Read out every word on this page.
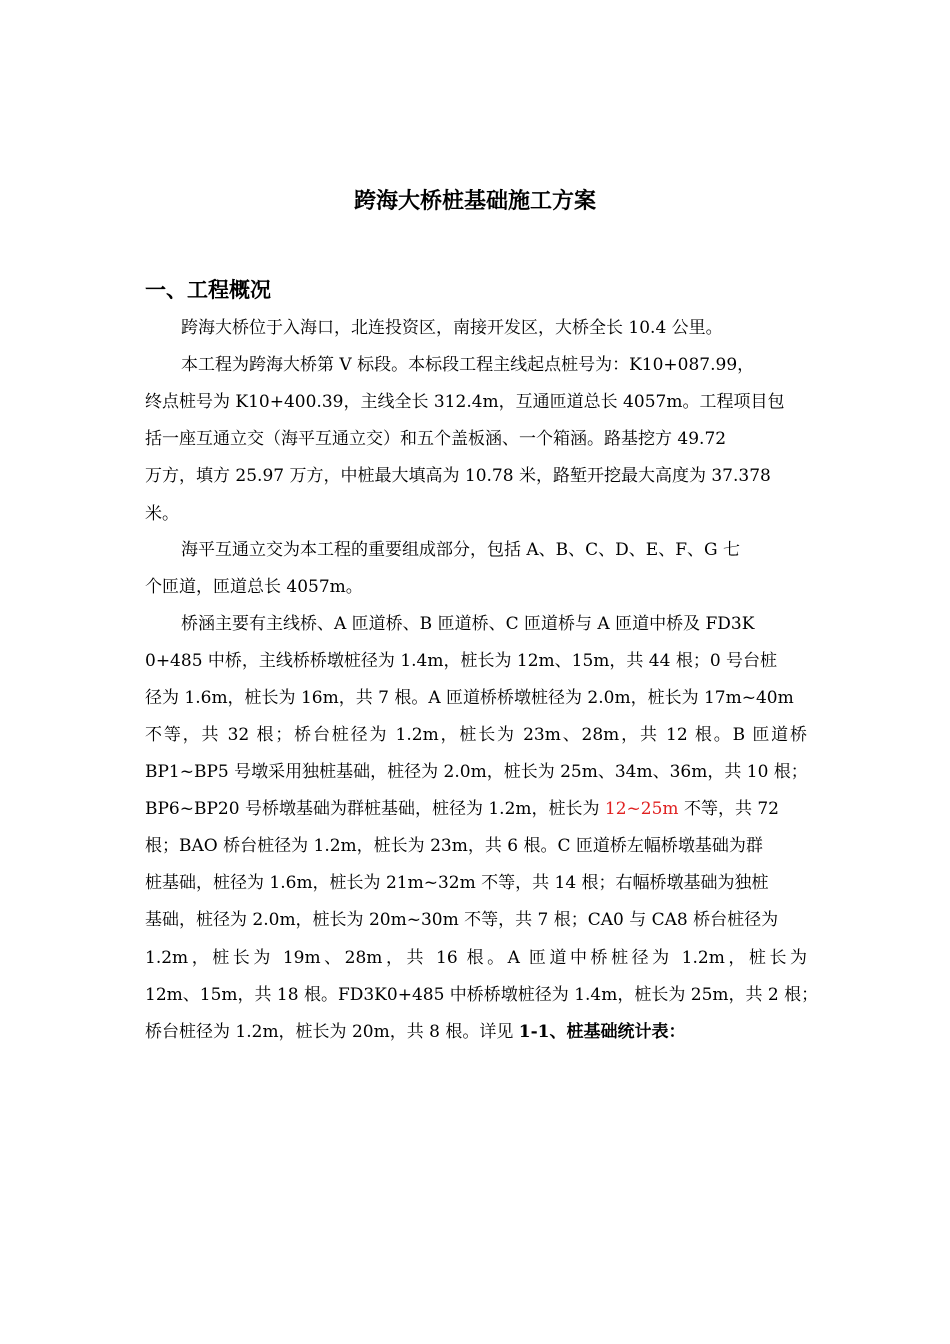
跨海大桥桩基础施工方案
一、工程概况

跨海大桥位于入海口，北连投资区，南接开发区，大桥全长 10.4 公里。

本工程为跨海大桥第 V 标段。本标段工程主线起点桩号为：K10+087.99，

终点桩号为 K10+400.39，主线全长 312.4m，互通匝道总长 4057m。工程项目包

括一座互通立交（海平互通立交）和五个盖板涵、一个箱涵。路基挖方 49.72

万方，填方 25.97 万方，中桩最大填高为 10.78 米，路堑开挖最大高度为 37.378

米。

海平互通立交为本工程的重要组成部分，包括 A、B、C、D、E、F、G 七

个匝道，匝道总长 4057m。

桥涵主要有主线桥、A 匝道桥、B 匝道桥、C 匝道桥与 A 匝道中桥及 FD3K

0+485 中桥，主线桥桥墩桩径为 1.4m，桩长为 12m、15m，共 44 根；0 号台桩

径为 1.6m，桩长为 16m，共 7 根。A 匝道桥桥墩桩径为 2.0m，桩长为 17m~40m

不等，共 32 根；桥台桩径为 1.2m，桩长为 23m、28m，共 12 根。B 匝道桥

BP1~BP5 号墩采用独桩基础，桩径为 2.0m，桩长为 25m、34m、36m，共 10 根；

BP6~BP20 号桥墩基础为群桩基础，桩径为 1.2m，桩长为 12~25m 不等，共 72

根；BAO 桥台桩径为 1.2m，桩长为 23m，共 6 根。C 匝道桥左幅桥墩基础为群

桩基础，桩径为 1.6m，桩长为 21m~32m 不等，共 14 根；右幅桥墩基础为独桩

基础，桩径为 2.0m，桩长为 20m~30m 不等，共 7 根；CA0 与 CA8 桥台桩径为

1.2m，桩长为 19m、28m，共 16 根。A 匝道中桥桩径为 1.2m，桩长为

12m、15m，共 18 根。FD3K0+485 中桥桥墩桩径为 1.4m，桩长为 25m，共 2 根；

桥台桩径为 1.2m，桩长为 20m，共 8 根。详见 1-1、桩基础统计表：
